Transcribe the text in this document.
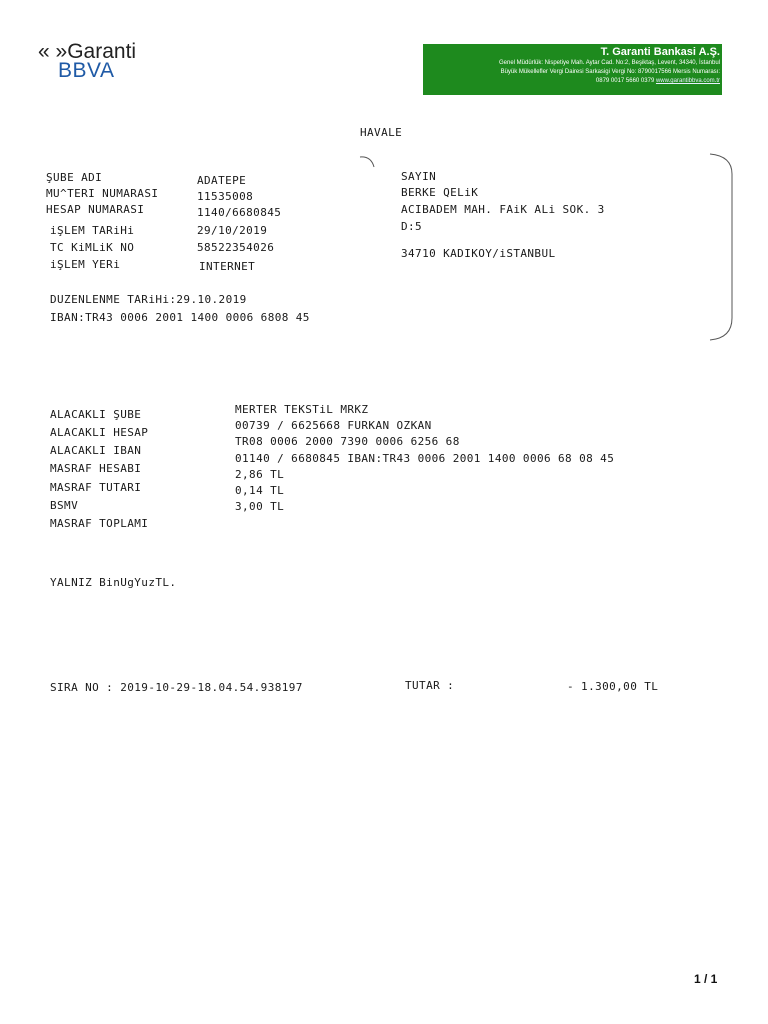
« »Garanti
BBVA
T. Garanti Bankasi A.Ş.
Genel Müdürlük: Nispetiye Mah. Aytar Cad. No:2, Beşiktaş, Levent, 34340, İstanbul
Büyük Mükellefler Vergi Dairesi Sarkasigi Vergi No: 8790017566 Mersis Numarası:
0879 0017 5660 0379 www.garantibbva.com.tr
HAVALE
ŞUBE ADI
MU^TERI NUMARASI
HESAP NUMARASI
iŞLEM TARiHi
TC KiMLiK NO
iŞLEM YERi
ADATEPE
11535008
1140/6680845
29/10/2019
58522354026
INTERNET
SAYIN
BERKE QELiK
ACIBADEM MAH. FAiK ALi SOK. 3
D:5
34710 KADIKOY/iSTANBUL
DUZENLENME TARiHi:29.10.2019
IBAN:TR43 0006 2001 1400 0006 6808 45
ALACAKLI ŞUBE
ALACAKLI HESAP
ALACAKLI IBAN
MASRAF HESABI
MASRAF TUTARI
BSMV
MASRAF TOPLAMI
MERTER TEKSTiL MRKZ
00739 / 6625668 FURKAN OZKAN
TR08 0006 2000 7390 0006 6256 68
01140 / 6680845 IBAN:TR43 0006 2001 1400 0006 68 08 45
2,86 TL
0,14 TL
3,00 TL
YALNIZ BinUgYuzTL.
SIRA NO : 2019-10-29-18.04.54.938197	TUTAR :	- 1.300,00 TL
1 / 1
